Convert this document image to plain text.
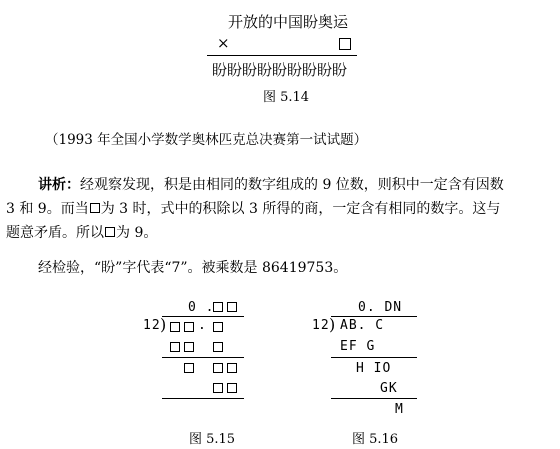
开放的中国盼奥运
×
盼盼盼盼盼盼盼盼盼
图 5.14
（1993 年全国小学数学奥林匹克总决赛第一试试题）
讲析：经观察发现，积是由相同的数字组成的 9 位数，则积中一定含有因数
3 和 9。而当 为 3 时，式中的积除以 3 所得的商，一定含有相同的数字。这与
题意矛盾。所以 为 9。
经检验，“盼”字代表“7”。被乘数是 86419753。
0 .
12 ) .
图 5.15
0. DN
12 ) AB. C
EF G
H IO
GK
M
图 5.16
